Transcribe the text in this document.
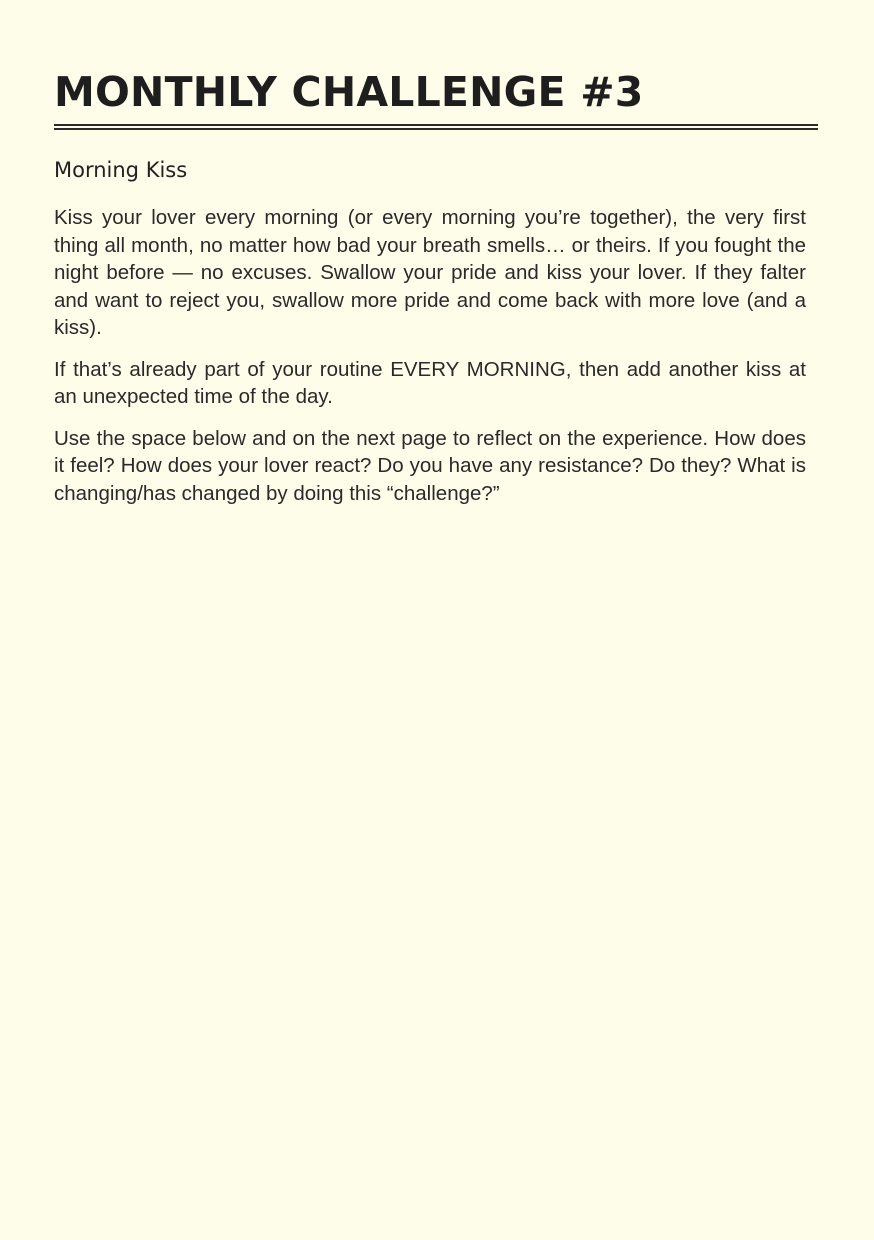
MONTHLY CHALLENGE #3
Morning Kiss

Kiss your lover every morning (or every morning you’re together), the very first thing all month, no matter how bad your breath smells… or theirs. If you fought the night before — no excuses. Swallow your pride and kiss your lover. If they falter and want to reject you, swallow more pride and come back with more love (and a kiss).

If that’s already part of your routine EVERY MORNING, then add another kiss at an unexpected time of the day.

Use the space below and on the next page to reflect on the experience. How does it feel? How does your lover react? Do you have any resistance? Do they? What is changing/has changed by doing this “challenge?”
